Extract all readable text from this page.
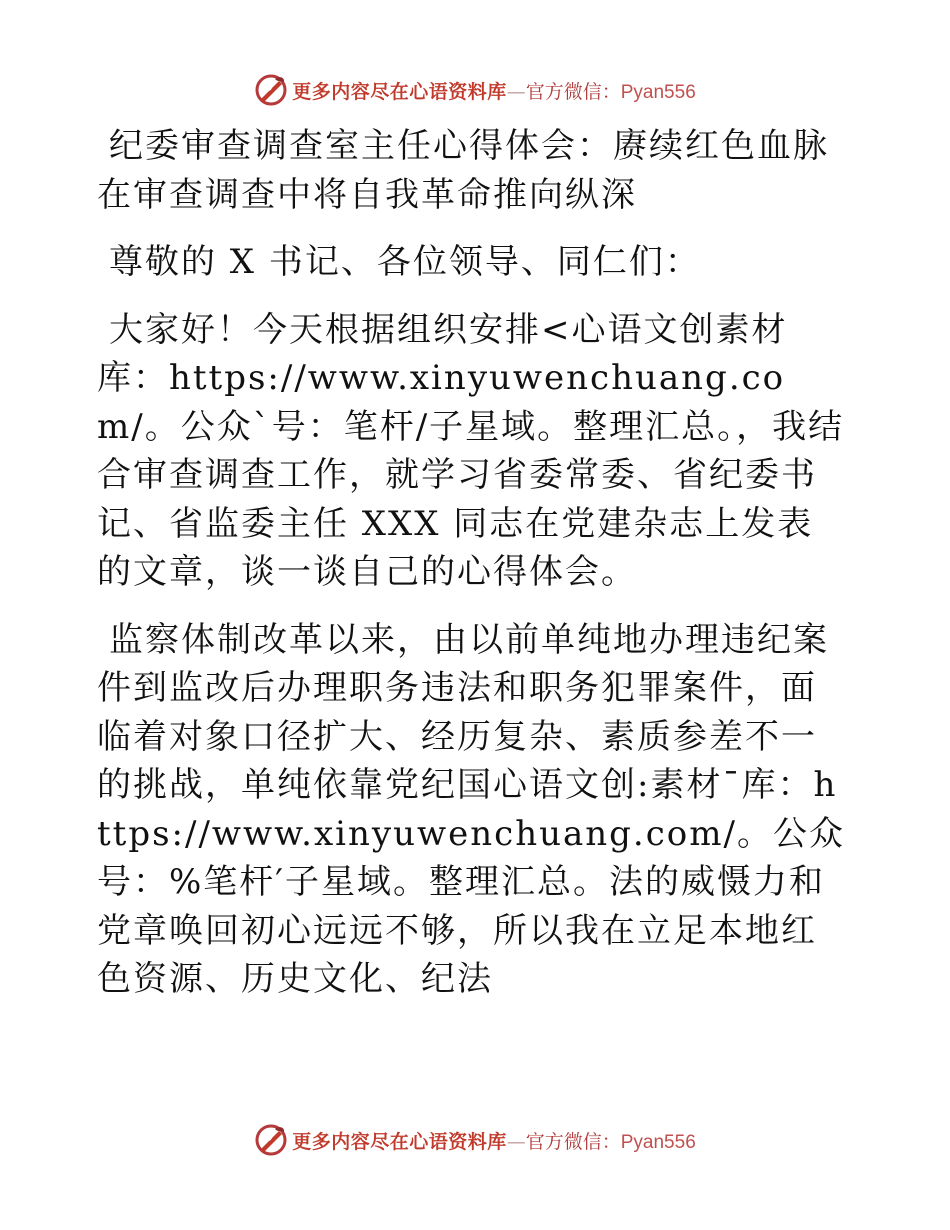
更多内容尽在心语资料库—官方微信：Pyan556

纪委审查调查室主任心得体会：赓续红色血脉 在审查调查中将自我革命推向纵深

尊敬的 X 书记、各位领导、同仁们：

大家好！今天根据组织安排<心语文创素材库：https://www.xinyuwenchuang.com/。公众`号：笔杆/子星域。整理汇总。，我结合审查调查工作，就学习省委常委、省纪委书记、省监委主任 XXX 同志在党建杂志上发表的文章，谈一谈自己的心得体会。

监察体制改革以来，由以前单纯地办理违纪案件到监改后办理职务违法和职务犯罪案件，面临着对象口径扩大、经历复杂、素质参差不一的挑战，单纯依靠党纪国心语文创:素材¯库：https://www.xinyuwenchuang.com/。公众号：%笔杆′子星域。整理汇总。法的威慑力和党章唤回初心远远不够，所以我在立足本地红色资源、历史文化、纪法

更多内容尽在心语资料库—官方微信：Pyan556
